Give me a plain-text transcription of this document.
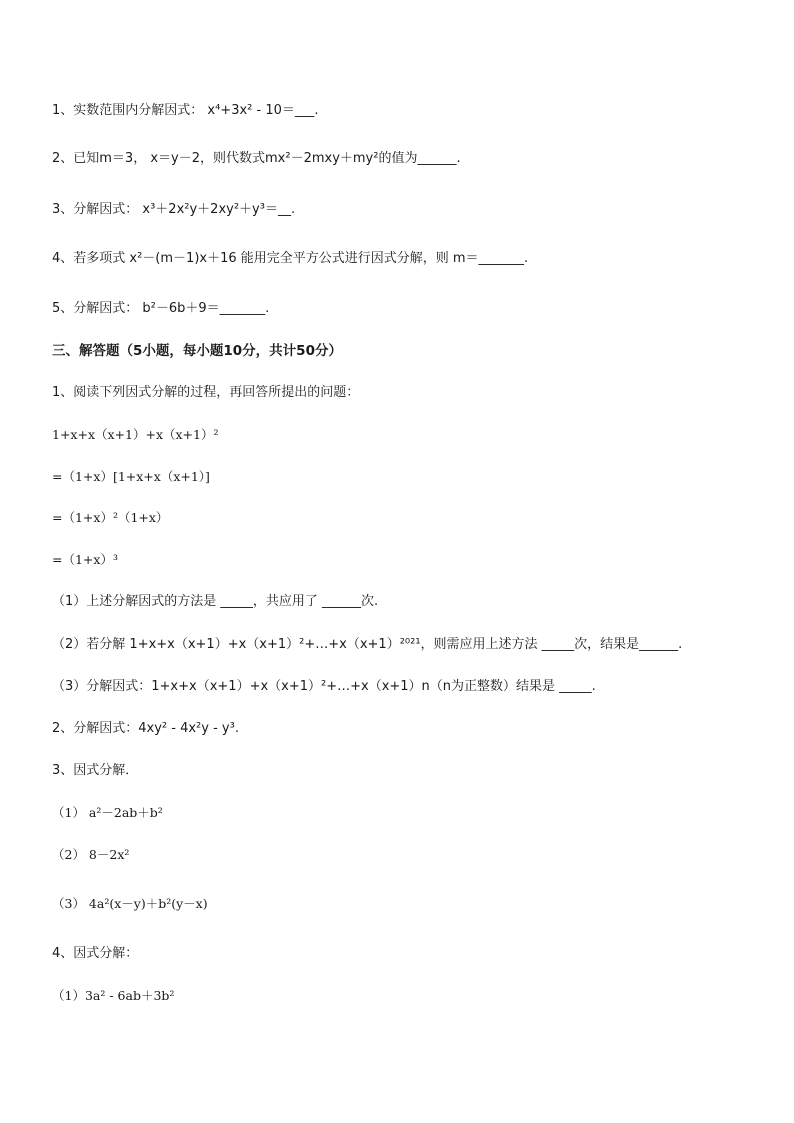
1、实数范围内分解因式： x⁴+3x² - 10＝___.
2、已知m＝3， x＝y－2，则代数式mx²－2mxy＋my²的值为______.
3、分解因式： x³＋2x²y＋2xy²＋y³＝__.
4、若多项式 x²－(m－1)x＋16 能用完全平方公式进行因式分解，则 m＝_______.
5、分解因式： b²－6b＋9＝_______.
三、解答题（5小题，每小题10分，共计50分）
1、阅读下列因式分解的过程，再回答所提出的问题：
1+x+x（x+1）+x（x+1）²
=（1+x）[1+x+x（x+1）]
=（1+x）²（1+x）
=（1+x）³
（1）上述分解因式的方法是 _____，共应用了 ______次.
（2）若分解 1+x+x（x+1）+x（x+1）²+…+x（x+1）²⁰²¹，则需应用上述方法 _____次，结果是______.
（3）分解因式：1+x+x（x+1）+x（x+1）²+…+x（x+1）n（n为正整数）结果是 _____.
2、分解因式：4xy² - 4x²y - y³.
3、因式分解．
（1） a²－2ab＋b²
（2） 8－2x²
（3） 4a²(x－y)＋b²(y－x)
4、因式分解：
（1）3a² - 6ab＋3b²
